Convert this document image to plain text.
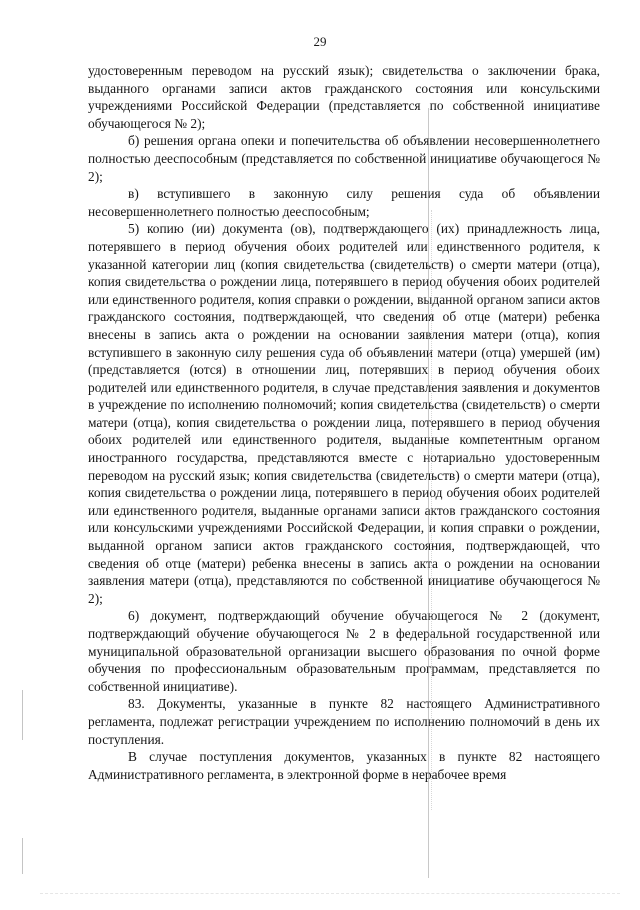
29

удостоверенным переводом на русский язык); свидетельства о заключении брака, выданного органами записи актов гражданского состояния или консульскими учреждениями Российской Федерации (представляется по собственной инициативе обучающегося № 2);

б) решения органа опеки и попечительства об объявлении несовершеннолетнего полностью дееспособным (представляется по собственной инициативе обучающегося № 2);

в) вступившего в законную силу решения суда об объявлении несовершеннолетнего полностью дееспособным;

5) копию (ии) документа (ов), подтверждающего (их) принадлежность лица, потерявшего в период обучения обоих родителей или единственного родителя, к указанной категории лиц (копия свидетельства (свидетельств) о смерти матери (отца), копия свидетельства о рождении лица, потерявшего в период обучения обоих родителей или единственного родителя, копия справки о рождении, выданной органом записи актов гражданского состояния, подтверждающей, что сведения об отце (матери) ребенка внесены в запись акта о рождении на основании заявления матери (отца), копия вступившего в законную силу решения суда об объявлении матери (отца) умершей (им) (представляется (ются) в отношении лиц, потерявших в период обучения обоих родителей или единственного родителя, в случае представления заявления и документов в учреждение по исполнению полномочий; копия свидетельства (свидетельств) о смерти матери (отца), копия свидетельства о рождении лица, потерявшего в период обучения обоих родителей или единственного родителя, выданные компетентным органом иностранного государства, представляются вместе с нотариально удостоверенным переводом на русский язык; копия свидетельства (свидетельств) о смерти матери (отца), копия свидетельства о рождении лица, потерявшего в период обучения обоих родителей или единственного родителя, выданные органами записи актов гражданского состояния или консульскими учреждениями Российской Федерации, и копия справки о рождении, выданной органом записи актов гражданского состояния, подтверждающей, что сведения об отце (матери) ребенка внесены в запись акта о рождении на основании заявления матери (отца), представляются по собственной инициативе обучающегося № 2);

6) документ, подтверждающий обучение обучающегося № 2 (документ, подтверждающий обучение обучающегося № 2 в федеральной государственной или муниципальной образовательной организации высшего образования по очной форме обучения по профессиональным образовательным программам, представляется по собственной инициативе).

83. Документы, указанные в пункте 82 настоящего Административного регламента, подлежат регистрации учреждением по исполнению полномочий в день их поступления.

В случае поступления документов, указанных в пункте 82 настоящего Административного регламента, в электронной форме в нерабочее время
